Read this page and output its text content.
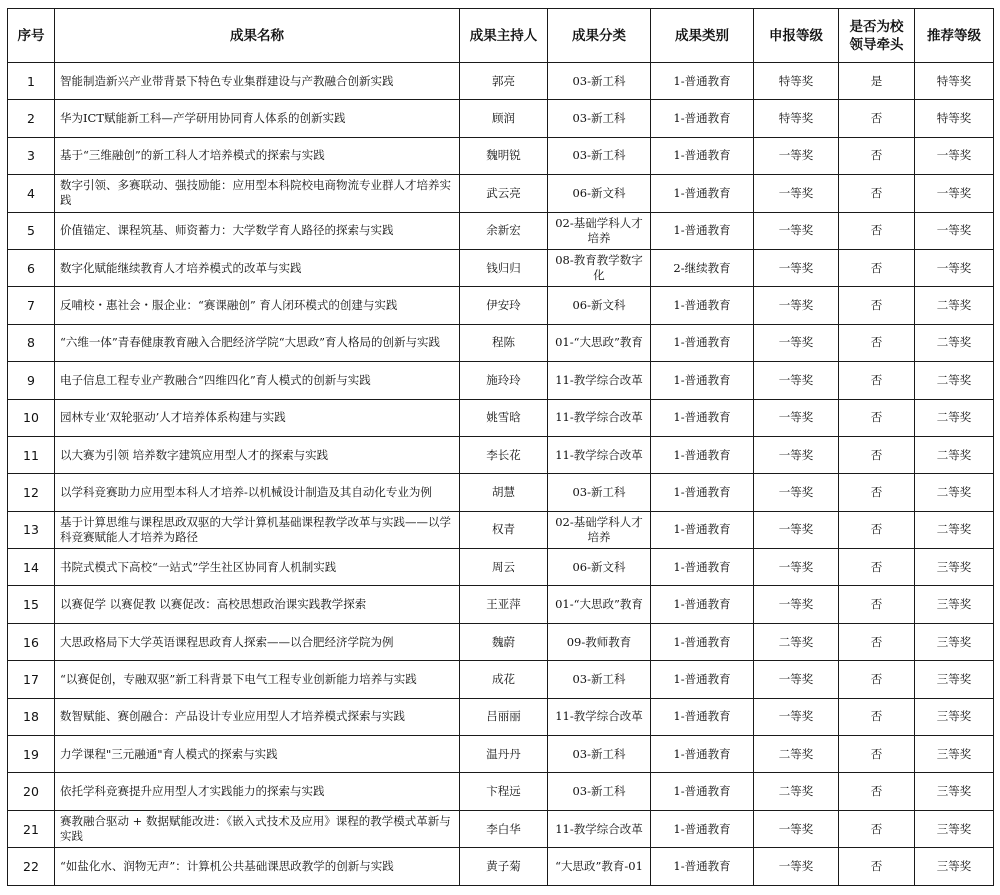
序号	成果名称	成果主持人	成果分类	成果类别	申报等级	是否为校领导牵头	推荐等级
1	智能制造新兴产业带背景下特色专业集群建设与产教融合创新实践	郭亮	03-新工科	1-普通教育	特等奖	是	特等奖
2	华为ICT赋能新工科—产学研用协同育人体系的创新实践	顾润	03-新工科	1-普通教育	特等奖	否	特等奖
3	基于“三维融创”的新工科人才培养模式的探索与实践	魏明锐	03-新工科	1-普通教育	一等奖	否	一等奖
4	数字引领、多赛联动、强技励能：应用型本科院校电商物流专业群人才培养实践	武云亮	06-新文科	1-普通教育	一等奖	否	一等奖
5	价值锚定、课程筑基、师资蓄力：大学数学育人路径的探索与实践	余新宏	02-基础学科人才培养	1-普通教育	一等奖	否	一等奖
6	数字化赋能继续教育人才培养模式的改革与实践	钱归归	08-教育教学数字化	2-继续教育	一等奖	否	一等奖
7	反哺校・惠社会・服企业：“赛课融创” 育人闭环模式的创建与实践	伊安玲	06-新文科	1-普通教育	一等奖	否	二等奖
8	“六维一体”青春健康教育融入合肥经济学院“大思政”育人格局的创新与实践	程陈	01-“大思政”教育	1-普通教育	一等奖	否	二等奖
9	电子信息工程专业产教融合“四维四化”育人模式的创新与实践	施玲玲	11-教学综合改革	1-普通教育	一等奖	否	二等奖
10	园林专业‘双轮驱动’人才培养体系构建与实践	姚雪晗	11-教学综合改革	1-普通教育	一等奖	否	二等奖
11	以大赛为引领 培养数字建筑应用型人才的探索与实践	李长花	11-教学综合改革	1-普通教育	一等奖	否	二等奖
12	以学科竞赛助力应用型本科人才培养-以机械设计制造及其自动化专业为例	胡慧	03-新工科	1-普通教育	一等奖	否	二等奖
13	基于计算思维与课程思政双驱的大学计算机基础课程教学改革与实践——以学科竞赛赋能人才培养为路径	权青	02-基础学科人才培养	1-普通教育	一等奖	否	二等奖
14	书院式模式下高校“一站式”学生社区协同育人机制实践	周云	06-新文科	1-普通教育	一等奖	否	三等奖
15	以赛促学 以赛促教 以赛促改：高校思想政治课实践教学探索	王亚萍	01-“大思政”教育	1-普通教育	一等奖	否	三等奖
16	大思政格局下大学英语课程思政育人探索——以合肥经济学院为例	魏蔚	09-教师教育	1-普通教育	二等奖	否	三等奖
17	“以赛促创，专融双驱”新工科背景下电气工程专业创新能力培养与实践	成花	03-新工科	1-普通教育	一等奖	否	三等奖
18	数智赋能、赛创融合：产品设计专业应用型人才培养模式探索与实践	吕丽丽	11-教学综合改革	1-普通教育	一等奖	否	三等奖
19	力学课程"三元融通"育人模式的探索与实践	温丹丹	03-新工科	1-普通教育	二等奖	否	三等奖
20	依托学科竞赛提升应用型人才实践能力的探索与实践	卞程远	03-新工科	1-普通教育	二等奖	否	三等奖
21	赛教融合驱动 + 数据赋能改进：《嵌入式技术及应用》课程的教学模式革新与实践	李白华	11-教学综合改革	1-普通教育	一等奖	否	三等奖
22	“如盐化水、润物无声”：计算机公共基础课思政教学的创新与实践	黄子菊	“大思政”教育-01	1-普通教育	一等奖	否	三等奖
